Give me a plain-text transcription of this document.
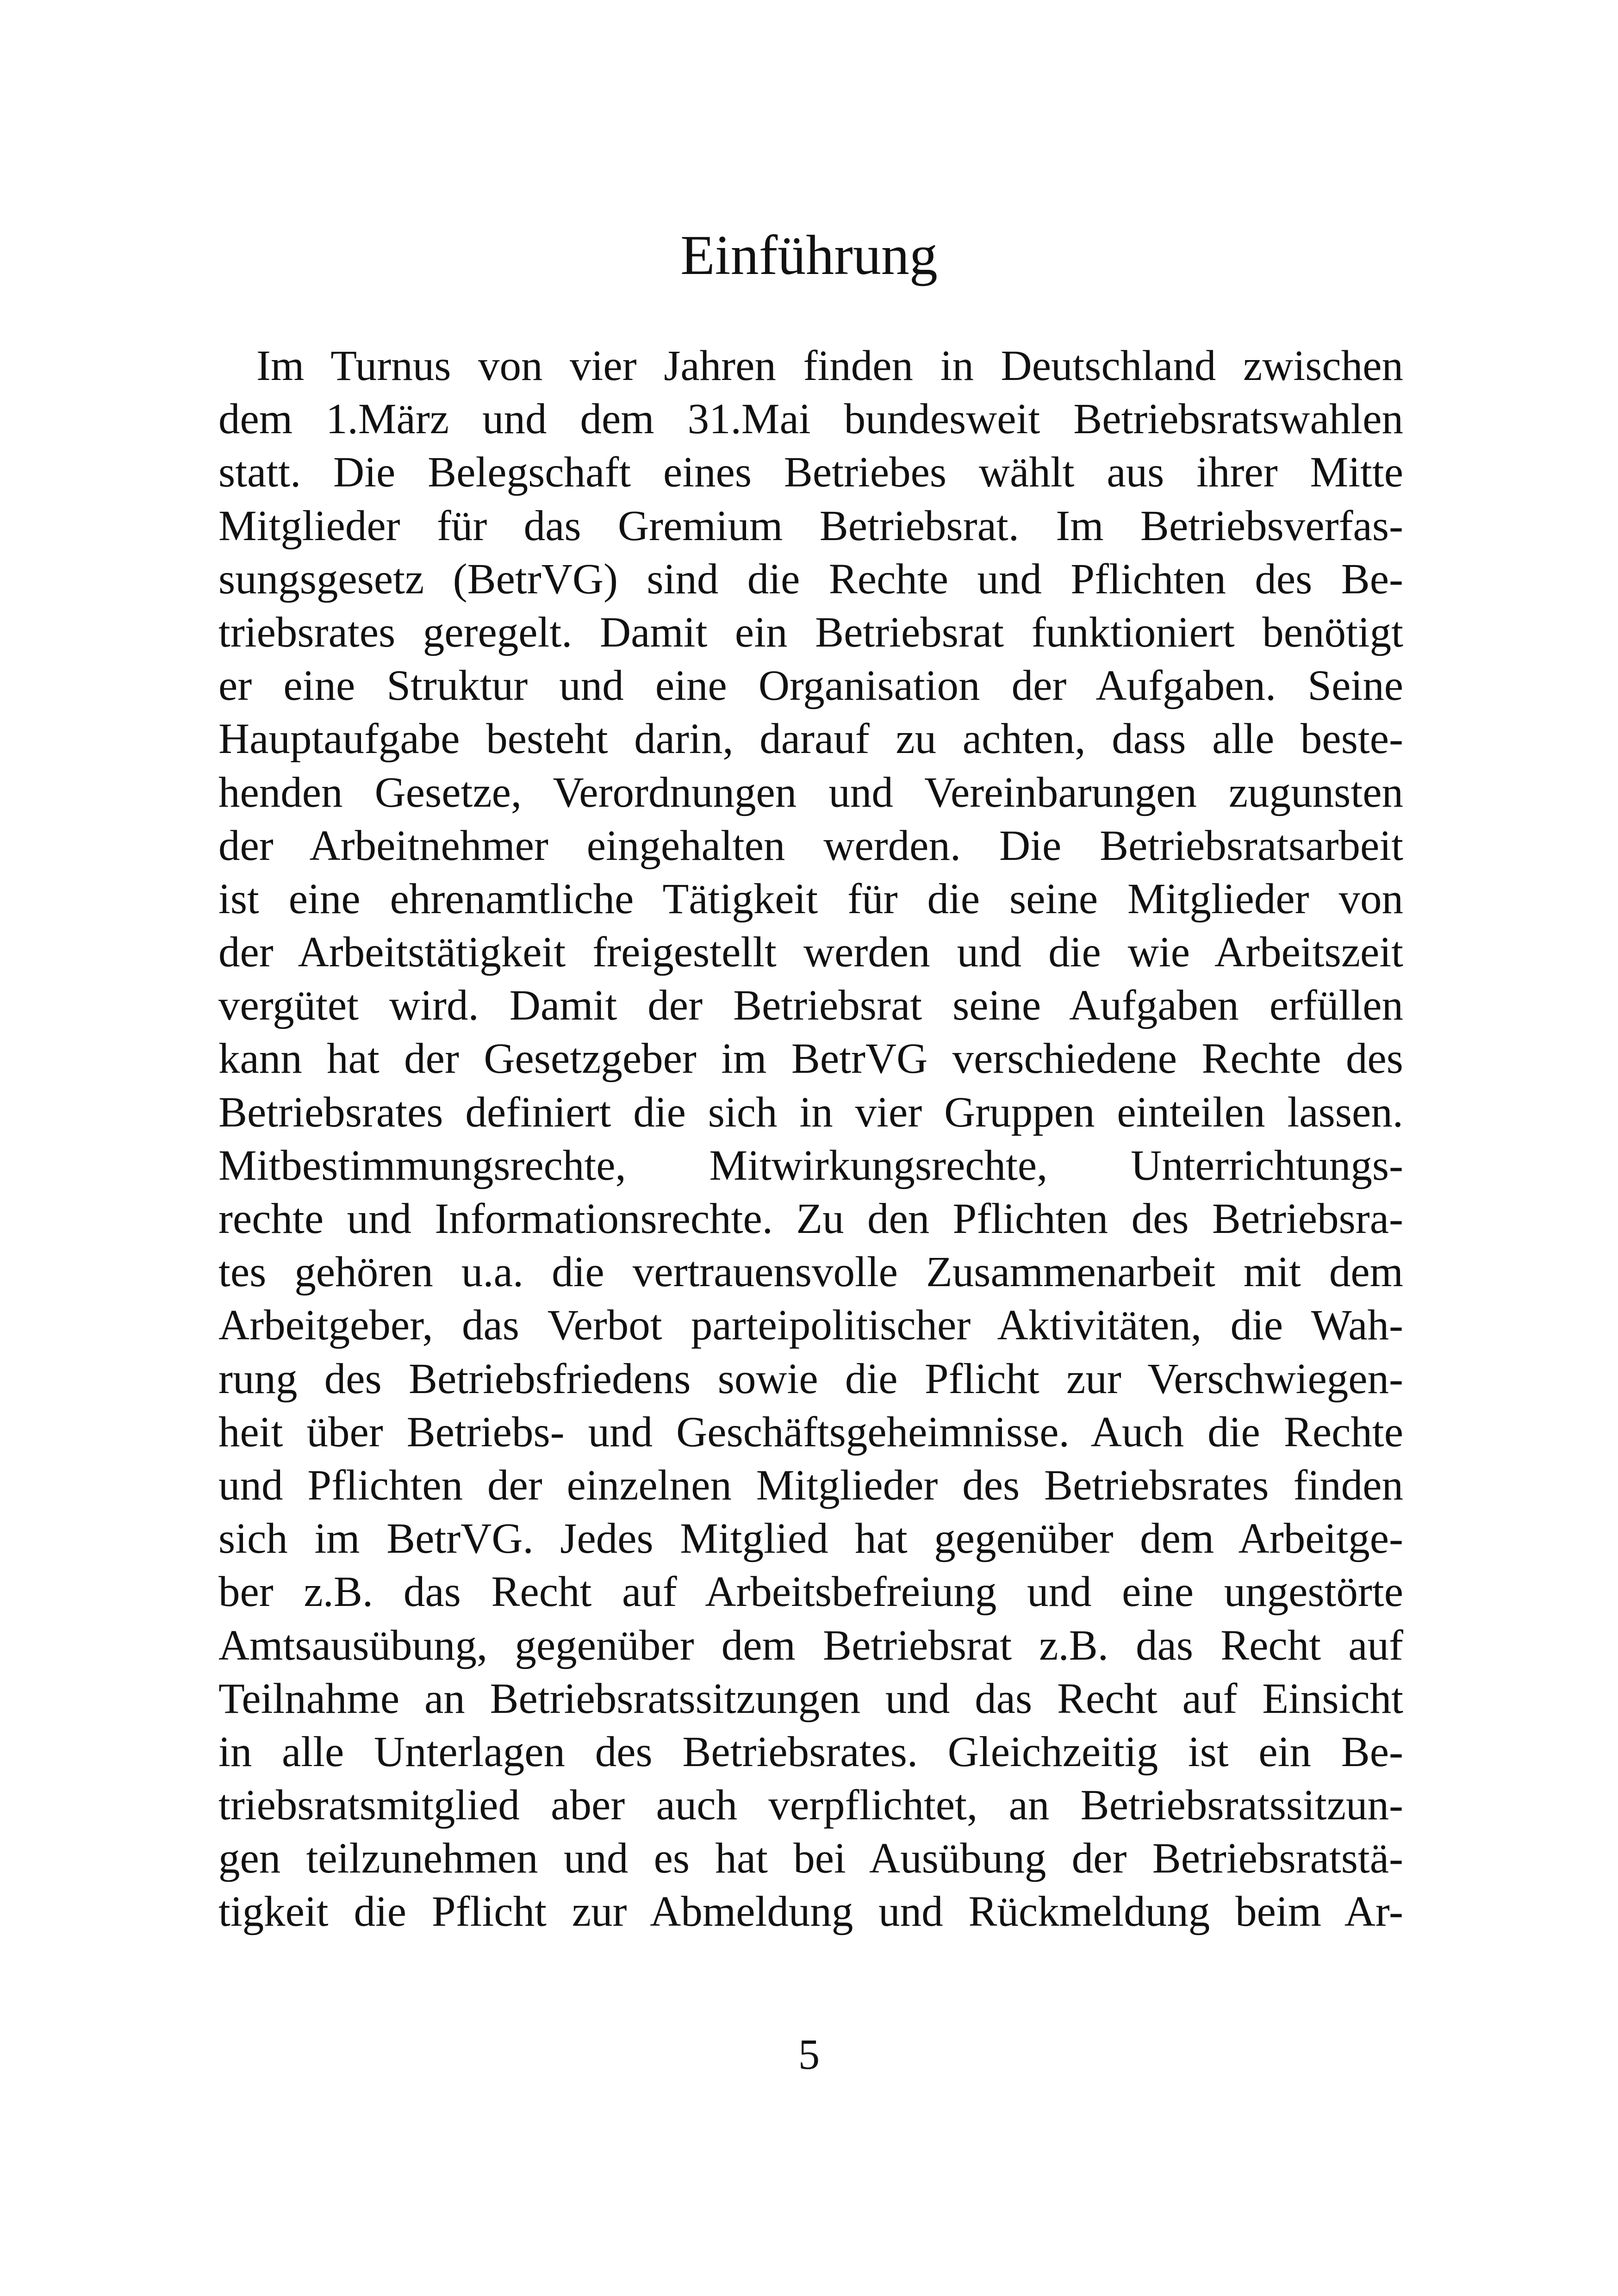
Einführung
Im Turnus von vier Jahren finden in Deutschland zwischen
dem 1.März und dem 31.Mai bundesweit Betriebsratswahlen
statt. Die Belegschaft eines Betriebes wählt aus ihrer Mitte
Mitglieder für das Gremium Betriebsrat. Im Betriebsverfas-
sungsgesetz (BetrVG) sind die Rechte und Pflichten des Be-
triebsrates geregelt. Damit ein Betriebsrat funktioniert benötigt
er eine Struktur und eine Organisation der Aufgaben. Seine
Hauptaufgabe besteht darin, darauf zu achten, dass alle beste-
henden Gesetze, Verordnungen und Vereinbarungen zugunsten
der Arbeitnehmer eingehalten werden. Die Betriebsratsarbeit
ist eine ehrenamtliche Tätigkeit für die seine Mitglieder von
der Arbeitstätigkeit freigestellt werden und die wie Arbeitszeit
vergütet wird. Damit der Betriebsrat seine Aufgaben erfüllen
kann hat der Gesetzgeber im BetrVG verschiedene Rechte des
Betriebsrates definiert die sich in vier Gruppen einteilen lassen.
Mitbestimmungsrechte, Mitwirkungsrechte, Unterrichtungs-
rechte und Informationsrechte. Zu den Pflichten des Betriebsra-
tes gehören u.a. die vertrauensvolle Zusammenarbeit mit dem
Arbeitgeber, das Verbot parteipolitischer Aktivitäten, die Wah-
rung des Betriebsfriedens sowie die Pflicht zur Verschwiegen-
heit über Betriebs- und Geschäftsgeheimnisse. Auch die Rechte
und Pflichten der einzelnen Mitglieder des Betriebsrates finden
sich im BetrVG. Jedes Mitglied hat gegenüber dem Arbeitge-
ber z.B. das Recht auf Arbeitsbefreiung und eine ungestörte
Amtsausübung, gegenüber dem Betriebsrat z.B. das Recht auf
Teilnahme an Betriebsratssitzungen und das Recht auf Einsicht
in alle Unterlagen des Betriebsrates. Gleichzeitig ist ein Be-
triebsratsmitglied aber auch verpflichtet, an Betriebsratssitzun-
gen teilzunehmen und es hat bei Ausübung der Betriebsratstä-
tigkeit die Pflicht zur Abmeldung und Rückmeldung beim Ar-
5
